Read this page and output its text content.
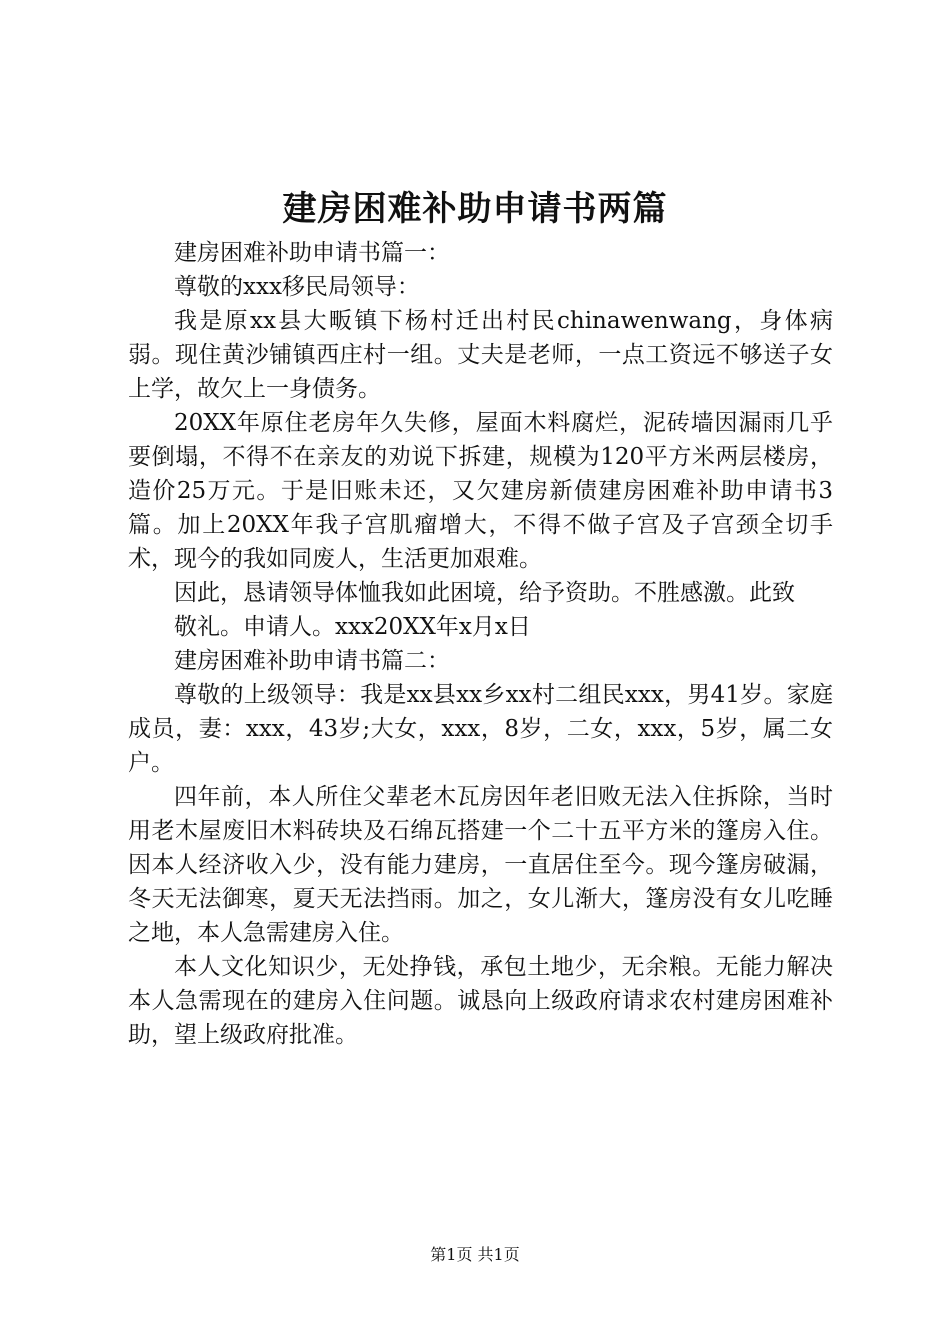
建房困难补助申请书两篇

建房困难补助申请书篇一：

尊敬的xxx移民局领导：

我是原xx县大畈镇下杨村迁出村民chinawenwang，身体病弱。现住黄沙铺镇西庄村一组。丈夫是老师，一点工资远不够送子女上学，故欠上一身债务。

20XX年原住老房年久失修，屋面木料腐烂，泥砖墙因漏雨几乎要倒塌，不得不在亲友的劝说下拆建，规模为120平方米两层楼房，造价25万元。于是旧账未还，又欠建房新债建房困难补助申请书3篇。加上20XX年我子宫肌瘤增大，不得不做子宫及子宫颈全切手术，现今的我如同废人，生活更加艰难。

因此，恳请领导体恤我如此困境，给予资助。不胜感激。此致

敬礼。申请人。xxx20XX年x月x日

建房困难补助申请书篇二：

尊敬的上级领导：我是xx县xx乡xx村二组民xxx，男41岁。家庭成员，妻：xxx，43岁;大女，xxx，8岁，二女，xxx，5岁，属二女户。

四年前，本人所住父辈老木瓦房因年老旧败无法入住拆除，当时用老木屋废旧木料砖块及石绵瓦搭建一个二十五平方米的篷房入住。因本人经济收入少，没有能力建房，一直居住至今。现今篷房破漏，冬天无法御寒，夏天无法挡雨。加之，女儿渐大，篷房没有女儿吃睡之地，本人急需建房入住。

本人文化知识少，无处挣钱，承包土地少，无余粮。无能力解决本人急需现在的建房入住问题。诚恳向上级政府请求农村建房困难补助，望上级政府批准。

第1页 共1页
